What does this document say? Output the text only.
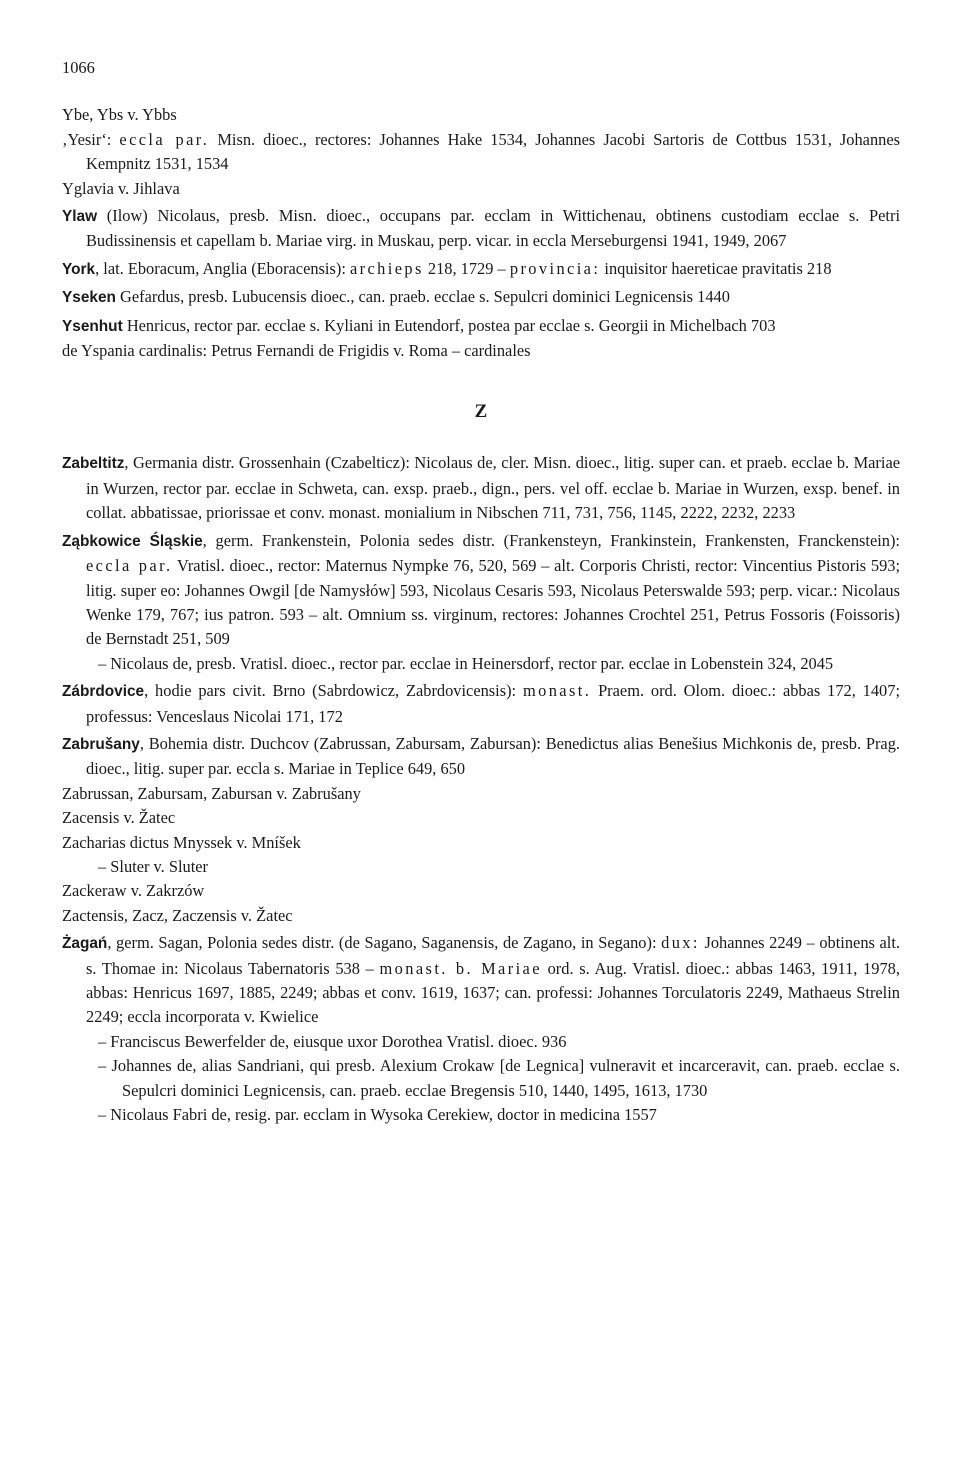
1066

Ybe, Ybs v. Ybbs

‚Yesir‘: eccla par. Misn. dioec., rectores: Johannes Hake 1534, Johannes Jacobi Sartoris de Cottbus 1531, Johannes Kempnitz 1531, 1534

Yglavia v. Jihlava

Ylaw (Ilow) Nicolaus, presb. Misn. dioec., occupans par. ecclam in Wittichenau, obtinens custodiam ecclae s. Petri Budissinensis et capellam b. Mariae virg. in Muskau, perp. vicar. in eccla Merseburgensi 1941, 1949, 2067

York, lat. Eboracum, Anglia (Eboracensis): archieps 218, 1729 – provincia: inquisitor haereticae pravitatis 218

Yseken Gefardus, presb. Lubucensis dioec., can. praeb. ecclae s. Sepulcri dominici Legnicensis 1440

Ysenhut Henricus, rector par. ecclae s. Kyliani in Eutendorf, postea par ecclae s. Georgii in Michelbach 703

de Yspania cardinalis: Petrus Fernandi de Frigidis v. Roma – cardinales

Z

Zabeltitz, Germania distr. Grossenhain (Czabelticz): Nicolaus de, cler. Misn. dioec., litig. super can. et praeb. ecclae b. Mariae in Wurzen, rector par. ecclae in Schweta, can. exsp. praeb., dign., pers. vel off. ecclae b. Mariae in Wurzen, exsp. benef. in collat. abbatissae, priorissae et conv. monast. monialium in Nibschen 711, 731, 756, 1145, 2222, 2232, 2233

Ząbkowice Śląskie, germ. Frankenstein, Polonia sedes distr. (Frankensteyn, Frankinstein, Frankensten, Franckenstein): eccla par. Vratisl. dioec., rector: Maternus Nympke 76, 520, 569 – alt. Corporis Christi, rector: Vincentius Pistoris 593; litig. super eo: Johannes Owgil [de Namysłów] 593, Nicolaus Cesaris 593, Nicolaus Peterswalde 593; perp. vicar.: Nicolaus Wenke 179, 767; ius patron. 593 – alt. Omnium ss. virginum, rectores: Johannes Crochtel 251, Petrus Fossoris (Foissoris) de Bernstadt 251, 509

– Nicolaus de, presb. Vratisl. dioec., rector par. ecclae in Heinersdorf, rector par. ecclae in Lobenstein 324, 2045

Zábrdovice, hodie pars civit. Brno (Sabrdowicz, Zabrdovicensis): monast. Praem. ord. Olom. dioec.: abbas 172, 1407; professus: Venceslaus Nicolai 171, 172

Zabrušany, Bohemia distr. Duchcov (Zabrussan, Zabursam, Zabursan): Benedictus alias Benešius Michkonis de, presb. Prag. dioec., litig. super par. eccla s. Mariae in Teplice 649, 650

Zabrussan, Zabursam, Zabursan v. Zabrušany

Zacensis v. Žatec

Zacharias dictus Mnyssek v. Mníšek

– Sluter v. Sluter

Zackeraw v. Zakrzów

Zactensis, Zacz, Zaczensis v. Žatec

Żagań, germ. Sagan, Polonia sedes distr. (de Sagano, Saganensis, de Zagano, in Segano): dux: Johannes 2249 – obtinens alt. s. Thomae in: Nicolaus Tabernatoris 538 – monast. b. Mariae ord. s. Aug. Vratisl. dioec.: abbas 1463, 1911, 1978, abbas: Henricus 1697, 1885, 2249; abbas et conv. 1619, 1637; can. professi: Johannes Torculatoris 2249, Mathaeus Strelin 2249; eccla incorporata v. Kwielice

– Franciscus Bewerfelder de, eiusque uxor Dorothea Vratisl. dioec. 936

– Johannes de, alias Sandriani, qui presb. Alexium Crokaw [de Legnica] vulneravit et incarceravit, can. praeb. ecclae s. Sepulcri dominici Legnicensis, can. praeb. ecclae Bregensis 510, 1440, 1495, 1613, 1730

– Nicolaus Fabri de, resig. par. ecclam in Wysoka Cerekiew, doctor in medicina 1557
